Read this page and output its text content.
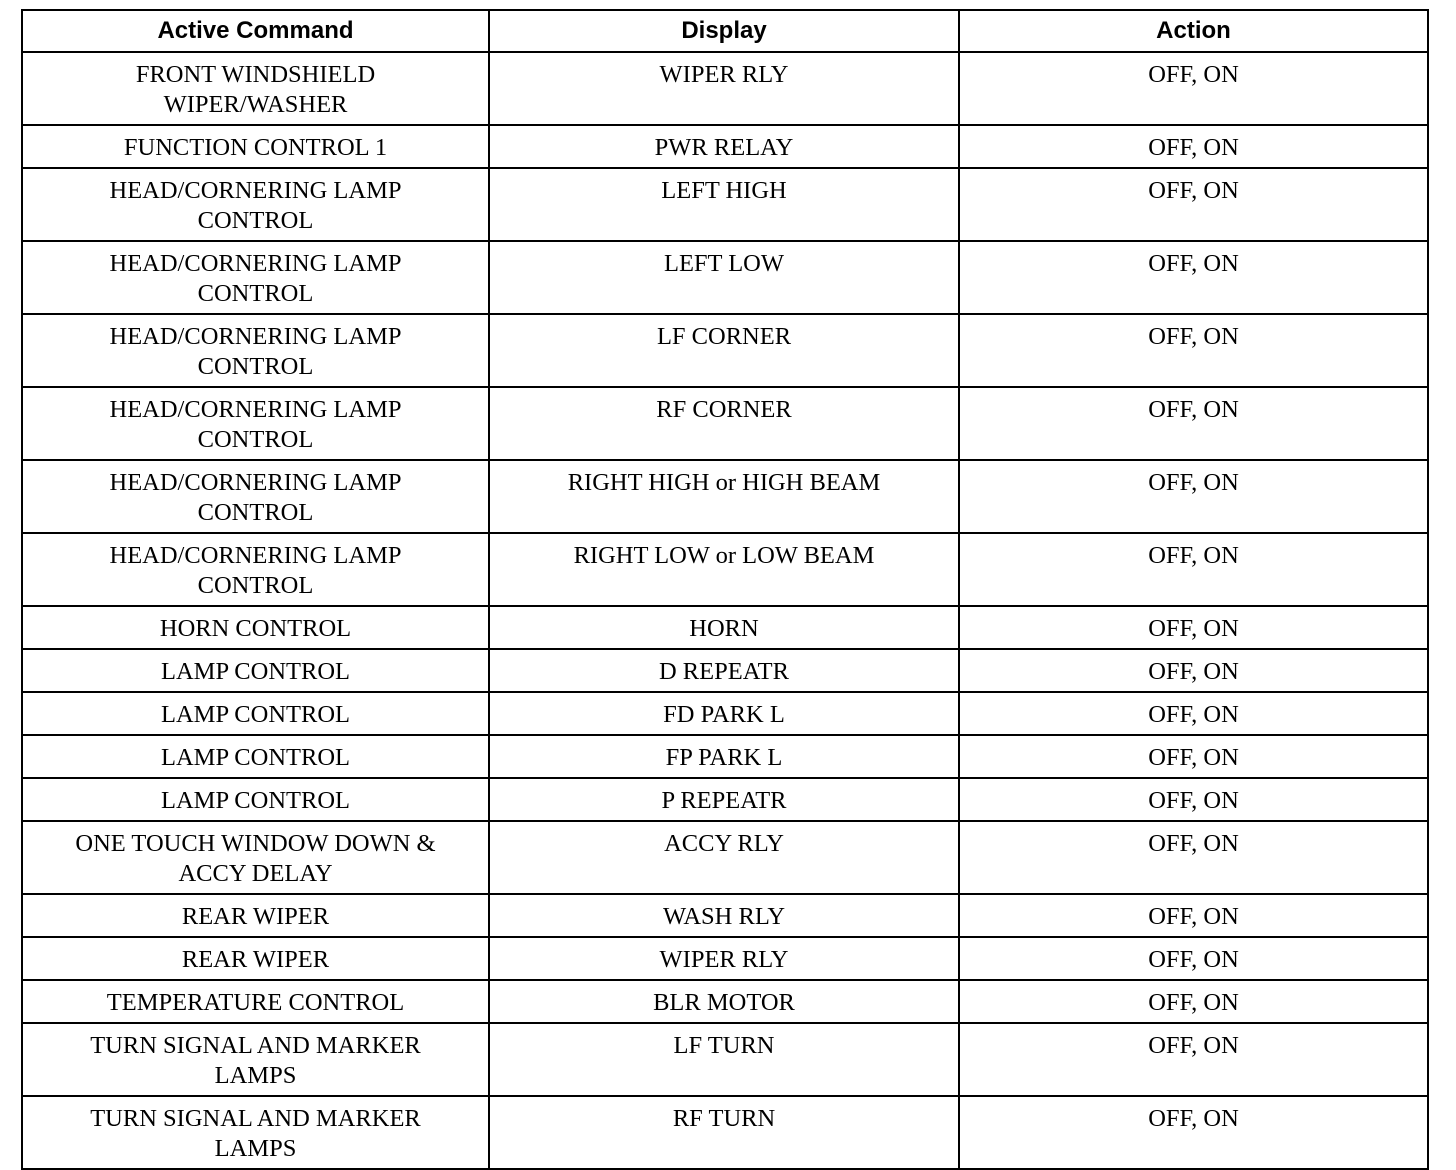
Active Command	Display	Action

FRONT WINDSHIELD
WIPER/WASHER	WIPER RLY	OFF, ON

FUNCTION CONTROL 1	PWR RELAY	OFF, ON

HEAD/CORNERING LAMP
CONTROL	LEFT HIGH	OFF, ON

HEAD/CORNERING LAMP
CONTROL	LEFT LOW	OFF, ON

HEAD/CORNERING LAMP
CONTROL	LF CORNER	OFF, ON

HEAD/CORNERING LAMP
CONTROL	RF CORNER	OFF, ON

HEAD/CORNERING LAMP
CONTROL	RIGHT HIGH or HIGH BEAM	OFF, ON

HEAD/CORNERING LAMP
CONTROL	RIGHT LOW or LOW BEAM	OFF, ON

HORN CONTROL	HORN	OFF, ON

LAMP CONTROL	D REPEATR	OFF, ON

LAMP CONTROL	FD PARK L	OFF, ON

LAMP CONTROL	FP PARK L	OFF, ON

LAMP CONTROL	P REPEATR	OFF, ON

ONE TOUCH WINDOW DOWN &
ACCY DELAY	ACCY RLY	OFF, ON

REAR WIPER	WASH RLY	OFF, ON

REAR WIPER	WIPER RLY	OFF, ON

TEMPERATURE CONTROL	BLR MOTOR	OFF, ON

TURN SIGNAL AND MARKER
LAMPS	LF TURN	OFF, ON

TURN SIGNAL AND MARKER
LAMPS	RF TURN	OFF, ON
